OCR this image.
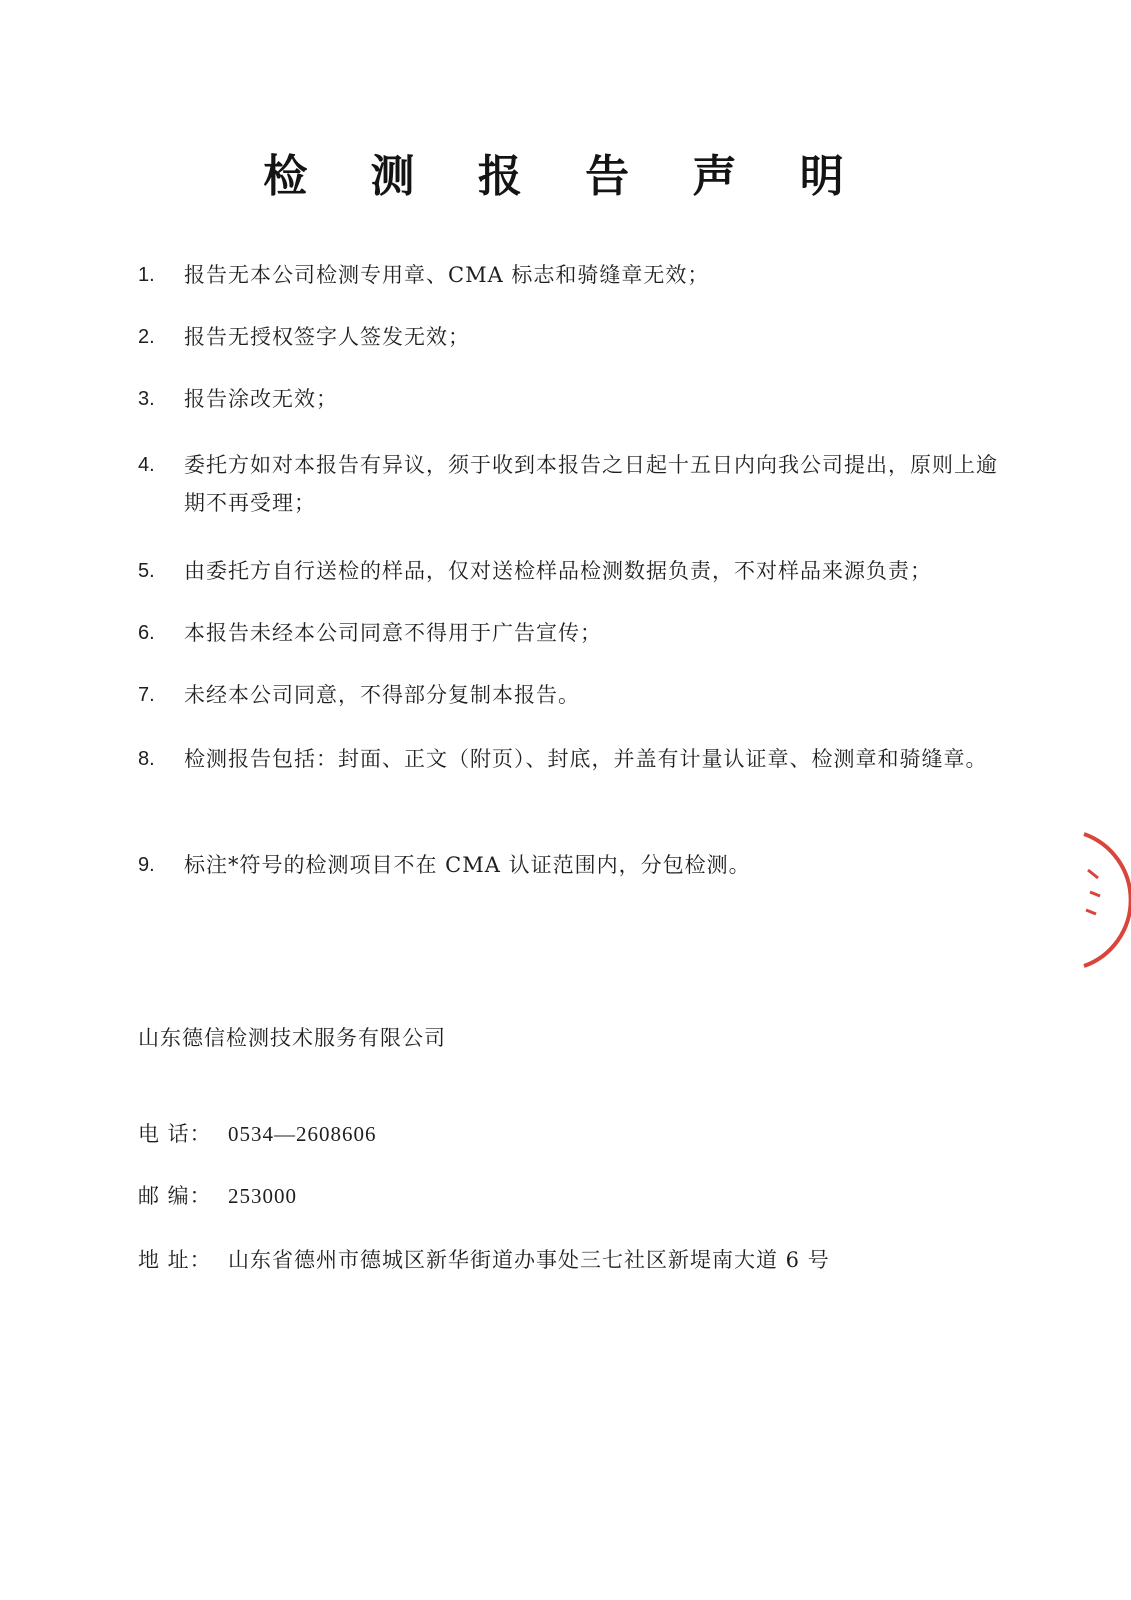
检 测 报 告 声 明
1.	报告无本公司检测专用章、CMA 标志和骑缝章无效；
2.	报告无授权签字人签发无效；
3.	报告涂改无效；
4.	委托方如对本报告有异议，须于收到本报告之日起十五日内向我公司提出，原则上逾期不再受理；
5.	由委托方自行送检的样品，仅对送检样品检测数据负责，不对样品来源负责；
6.	本报告未经本公司同意不得用于广告宣传；
7.	未经本公司同意，不得部分复制本报告。
8.	检测报告包括：封面、正文（附页）、封底，并盖有计量认证章、检测章和骑缝章。
9.	标注*符号的检测项目不在 CMA 认证范围内，分包检测。
山东德信检测技术服务有限公司
电 话： 0534—2608606
邮 编： 253000
地 址： 山东省德州市德城区新华街道办事处三七社区新堤南大道 6 号
